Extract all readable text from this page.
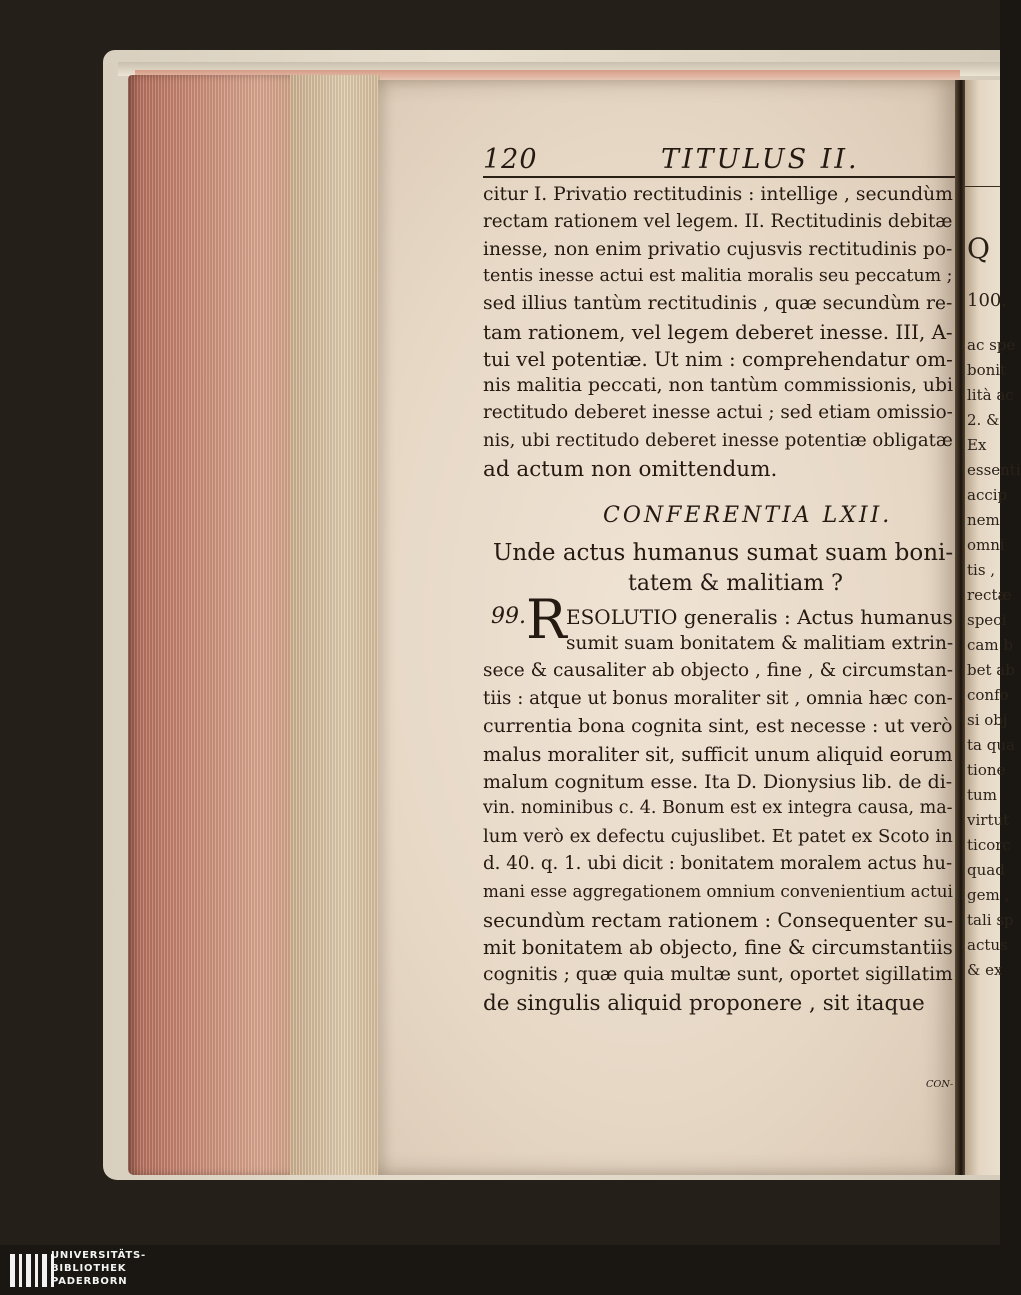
120	TITULUS II.
citur I. Privatio rectitudinis : intellige , secundùm
rectam rationem vel legem. II. Rectitudinis debitæ
inesse, non enim privatio cujusvis rectitudinis po-
tentis inesse actui est malitia moralis seu peccatum ;
sed illius tantùm rectitudinis , quæ secundùm re-
tam rationem, vel legem deberet inesse. III, A-
tui vel potentiæ. Ut nim : comprehendatur om-
nis malitia peccati, non tantùm commissionis, ubi
rectitudo deberet inesse actui ; sed etiam omissio-
nis, ubi rectitudo deberet inesse potentiæ obligatæ
ad actum non omittendum.
CONFERENTIA LXII.
Unde actus humanus sumat suam boni-
tatem & malitiam ?
99. R ESOLUTIO generalis : Actus humanus
sumit suam bonitatem & malitiam extrin-
sece & causaliter ab objecto , fine , & circumstan-
tiis : atque ut bonus moraliter sit , omnia hæc con-
currentia bona cognita sint, est necesse : ut verò
malus moraliter sit, sufficit unum aliquid eorum
malum cognitum esse. Ita D. Dionysius lib. de di-
vin. nominibus c. 4. Bonum est ex integra causa, ma-
lum verò ex defectu cujuslibet. Et patet ex Scoto in
d. 40. q. 1. ubi dicit : bonitatem moralem actus hu-
mani esse aggregationem omnium convenientium actui
secundùm rectam rationem : Consequenter su-
mit bonitatem ab objecto, fine & circumstantiis
cognitis ; quæ quia multæ sunt, oportet sigillatim
de singulis aliquid proponere , sit itaque
CON-
Q
100.
ac spe
bonit
lità ac
2. &
Ex
essenti
accip
nem
omni
tis ,
rectæ
speci
cam b
bet ab
confo
si obj
ta qua
tione
tum
virtut
ticorc
quad
gem ,
tali sp
actus
& ex
UNIVERSITÄTS-
BIBLIOTHEK
PADERBORN
